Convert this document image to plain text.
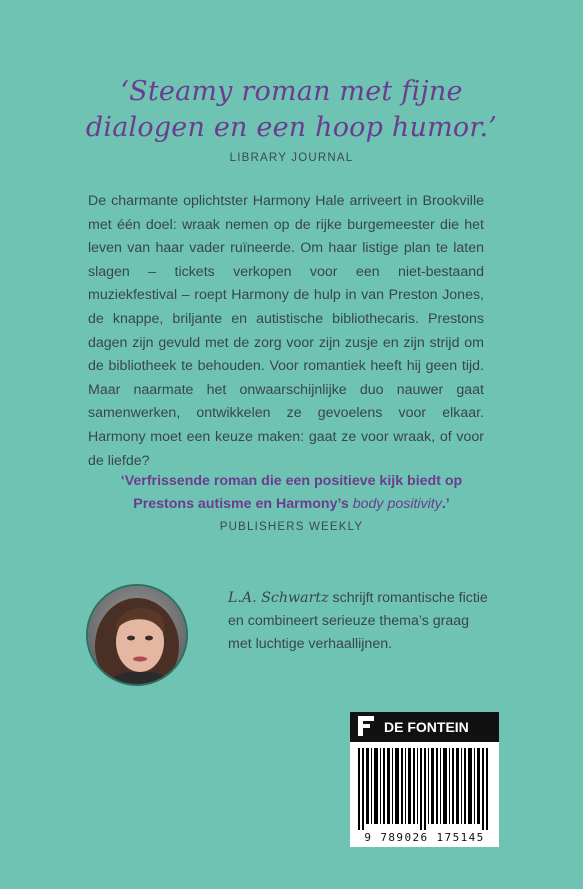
‘Steamy roman met fijne
dialogen en een hoop humor.’
LIBRARY JOURNAL

De charmante oplichtster Harmony Hale arriveert in Brookville met één doel: wraak nemen op de rijke burgemeester die het leven van haar vader ruïneerde. Om haar listige plan te laten slagen – tickets verkopen voor een niet-bestaand muziekfestival – roept Harmony de hulp in van Preston Jones, de knappe, briljante en autistische bibliothecaris. Prestons dagen zijn gevuld met de zorg voor zijn zusje en zijn strijd om de bibliotheek te behouden. Voor romantiek heeft hij geen tijd. Maar naarmate het onwaarschijnlijke duo nauwer gaat samenwerken, ontwikkelen ze gevoelens voor elkaar. Harmony moet een keuze maken: gaat ze voor wraak, of voor de liefde?

‘Verfrissende roman die een positieve kijk biedt op
Prestons autisme en Harmony’s body positivity.’
PUBLISHERS WEEKLY
L.A. Schwartz schrijft romantische fictie en combineert serieuze thema’s graag met luchtige verhaallijnen.
DE FONTEIN
9 789026 175145
